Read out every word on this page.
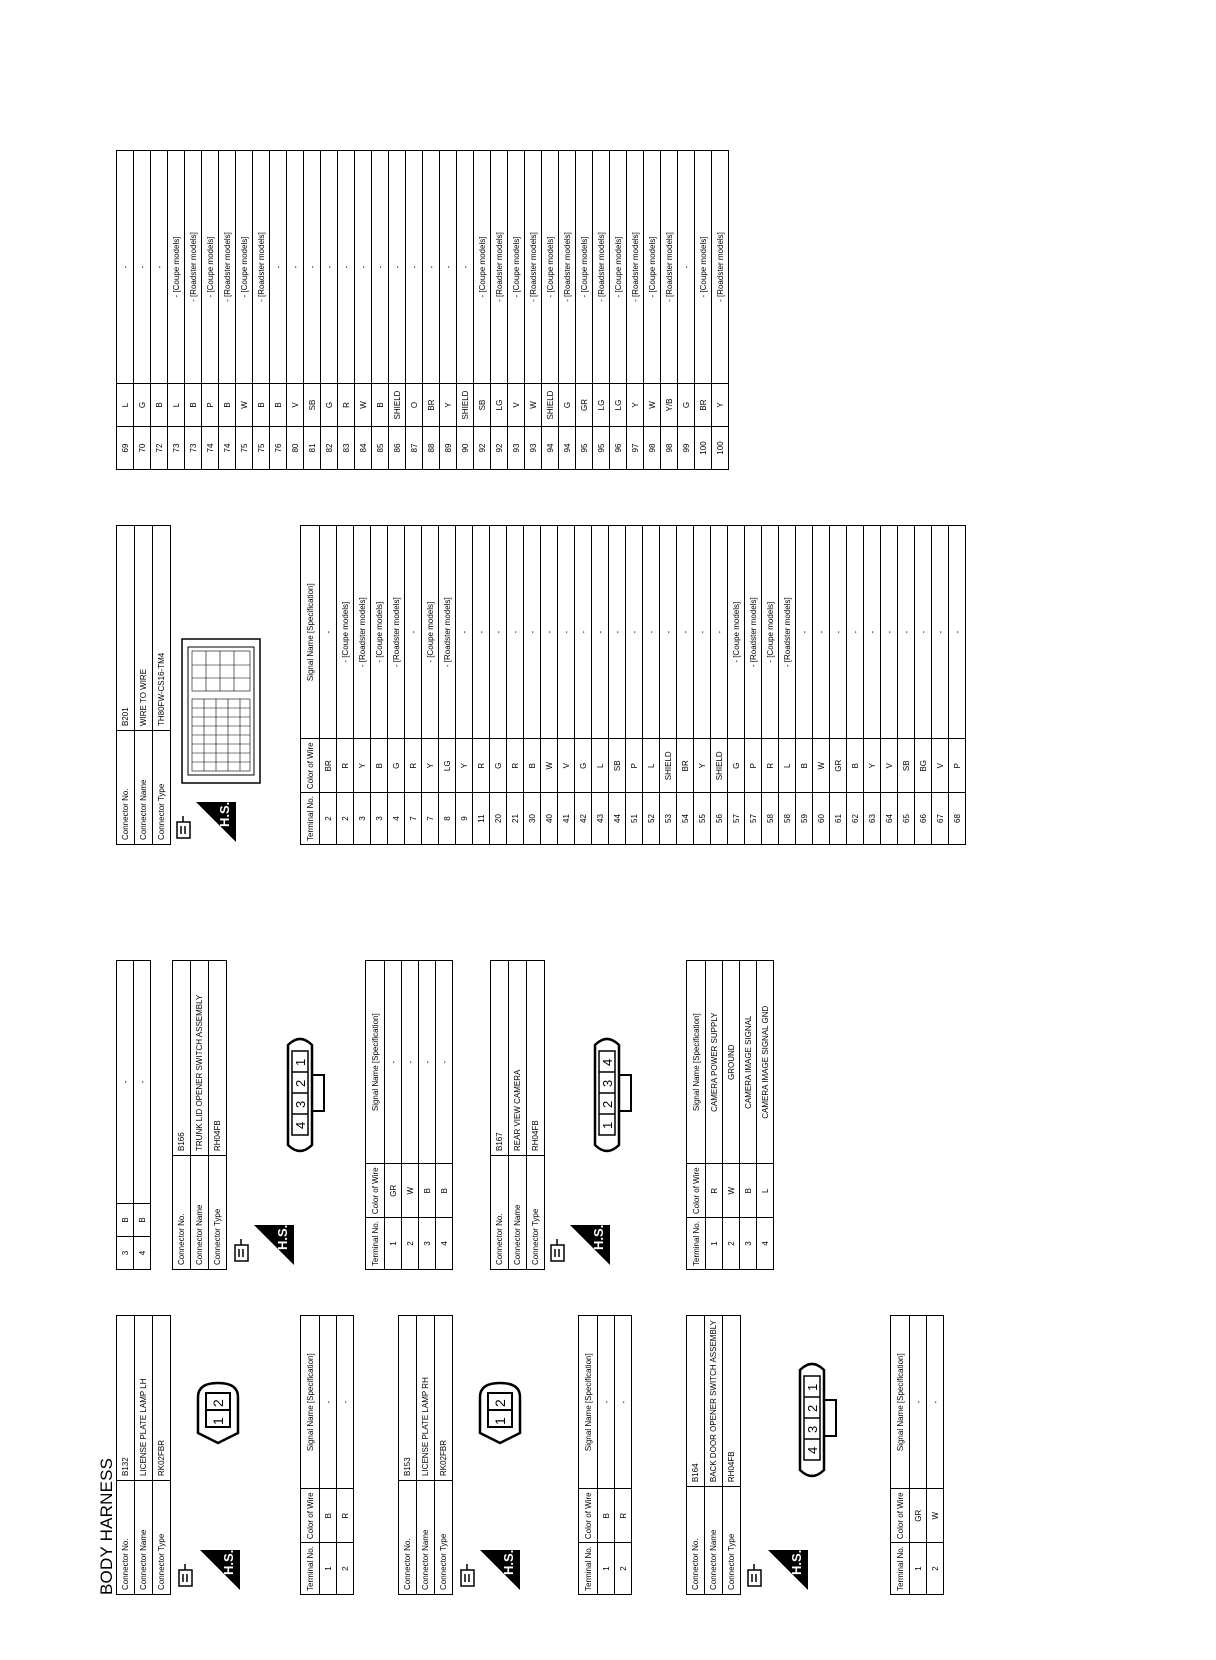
BODY HARNESS Connector No.	B132
Connector Name	LICENSE PLATE LAMP LH
Connector Type	RK02FBR
H.S.
1
2
Terminal No.	Color of Wire	Signal Name [Specification]
1	B	-
2	R	-
Connector No.	B153
Connector Name	LICENSE PLATE LAMP RH
Connector Type	RK02FBR
H.S.
1
2
Terminal No.	Color of Wire	Signal Name [Specification]
1	B	-
2	R	-
Connector No.	B164
Connector Name	BACK DOOR OPENER SWITCH ASSEMBLY
Connector Type	RH04FB
H.S.
4
3
2
1
Terminal No.	Color of Wire	Signal Name [Specification]
1	GR	-
2	W	-
3	B	-
4	B	-
Connector No.	B166
Connector Name	TRUNK LID OPENER SWITCH ASSEMBLY
Connector Type	RH04FB
H.S.
4
3
2
1
Terminal No.	Color of Wire	Signal Name [Specification]
1	GR	-
2	W	-
3	B	-
4	B	-
Connector No.	B167
Connector Name	REAR VIEW CAMERA
Connector Type	RH04FB
H.S.
1
2
3
4
Terminal No.	Color of Wire	Signal Name [Specification]
1	R	CAMERA POWER SUPPLY
2	W	GROUND
3	B	CAMERA IMAGE SIGNAL
4	L	CAMERA IMAGE SIGNAL GND
Connector No.	B201
Connector Name	WIRE TO WIRE
Connector Type	TH80FW-CS16-TM4
H.S.	Terminal No.	Color of Wire	Signal Name [Specification]
2	BR	-
2	R	- [Coupe models]
3	Y	- [Roadster models]
3	B	- [Coupe models]
4	G	- [Roadster models]
7	R	-
7	Y	- [Coupe models]
8	LG	- [Roadster models]
9	Y	-
11	R	-
20	G	-
21	R	-
30	B	-
40	W	-
41	V	-
42	G	-
43	L	-
44	SB	-
51	P	-
52	L	-
53	SHIELD	-
54	BR	-
55	Y	-
56	SHIELD	-
57	G	- [Coupe models]
57	P	- [Roadster models]
58	R	- [Coupe models]
58	L	- [Roadster models]
59	B	-
60	W	-
61	GR	-
62	B	-
63	Y	-
64	V	-
65	SB	-
66	BG	-
67	V	-
68	P	-
69	L	-
70	G	-
72	B	-
73	L	- [Coupe models]
73	B	- [Roadster models]
74	P	- [Coupe models]
74	B	- [Roadster models]
75	W	- [Coupe models]
75	B	- [Roadster models]
76	B	-
80	V	-
81	SB	-
82	G	-
83	R	-
84	W	-
85	B	-
86	SHIELD	-
87	O	-
88	BR	-
89	Y	-
90	SHIELD	-
92	SB	- [Coupe models]
92	LG	- [Roadster models]
93	V	- [Coupe models]
93	W	- [Roadster models]
94	SHIELD	- [Coupe models]
94	G	- [Roadster models]
95	GR	- [Coupe models]
95	LG	- [Roadster models]
96	LG	- [Coupe models]
97	Y	- [Roadster models]
98	W	- [Coupe models]
98	Y/B	- [Roadster models]
99	G	-
100	BR	- [Coupe models]
100	Y	- [Roadster models]
